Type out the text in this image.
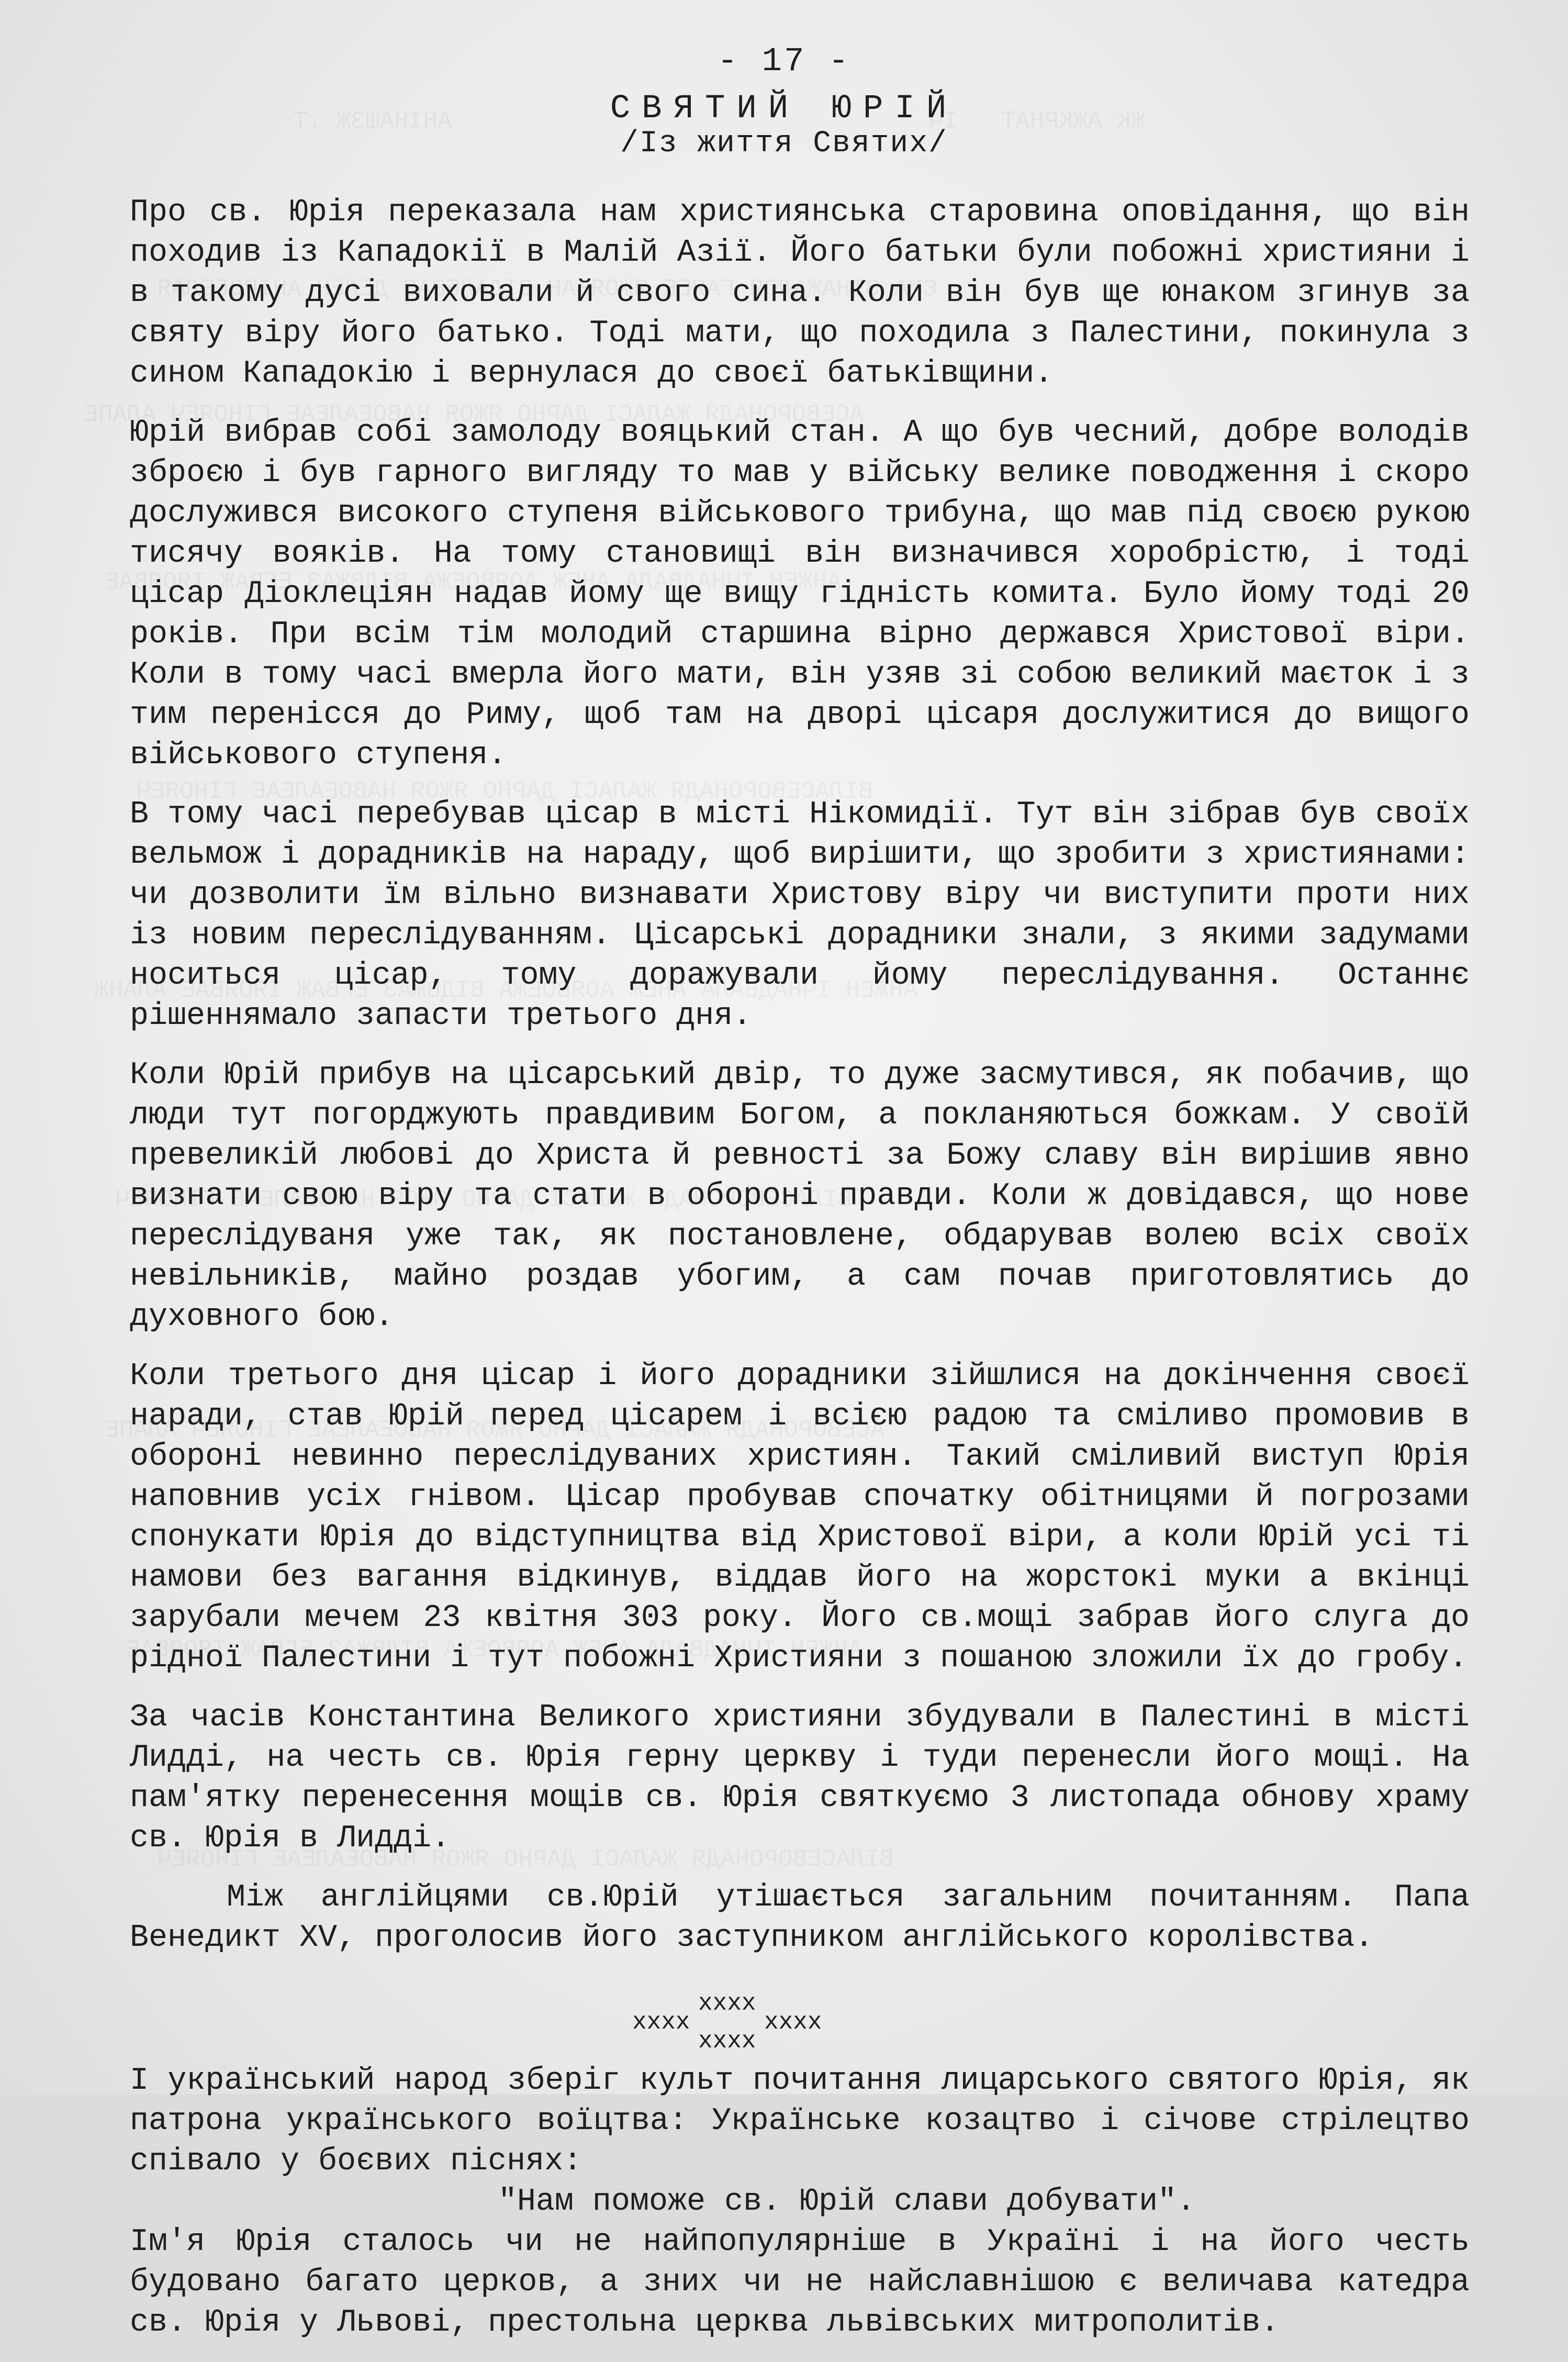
- 17 -
СВЯТИЙ ЮРІЙ
/Із життя Святих/

Про св. Юрія переказала нам християнська старовина оповідання, що він походив із Кападокії в Малій Азії. Його батьки були побожні християни і в такому дусі виховали й свого сина. Коли він був ще юнаком згинув за святу віру його батько. Тоді мати, що походила з Палестини, покинула з сином Кападокію і вернулася до своєї батьківщини.

Юрій вибрав собі замолоду вояцький стан. А що був чесний, добре володів зброєю і був гарного вигляду то мав у війську велике поводження і скоро дослужився високого ступеня військового трибуна, що мав під своєю рукою тисячу вояків. На тому становищі він визначився хоробрістю, і тоді цісар Діоклецiян надав йому ще вищу гідність комита. Було йому тоді 20 років. При всім тім молодий старшина вірно держався Христової віри. Коли в тому часі вмерла його мати, він узяв зі собою великий маєток і з тим перенісся до Риму, щоб там на дворі цісаря дослужитися до вищого військового ступеня.

В тому часі перебував цісар в місті Нікомидії. Тут він зібрав був своїх вельмож і дорадників на нараду, щоб вирішити, що зробити з християнами: чи дозволити їм вільно визнавати Христову віру чи виступити проти них із новим переслідуванням. Цісарські дорадники знали, з якими задумами носиться цісар, тому доражували йому переслідування. Останнє рішеннямало запасти третього дня.

Коли Юрій прибув на цісарський двір, то дуже засмутився, як побачив, що люди тут погорджують правдивим Богом, а покланяються божкам. У своїй превеликій любові до Христа й ревності за Божу славу він вирішив явно визнати свою віру та стати в обороні правди. Коли ж довідався, що нове переслідуваня уже так, як постановлене, обдарував волею всіх своїх невільників, майно роздав убогим, а сам почав приготовлятись до духовного бою.

Коли третього дня цісар і його дорадники зійшлися на докінчення своєї наради, став Юрій перед цісарем і всією радою та сміливо промовив в обороні невинно переслідуваних християн. Такий сміливий виступ Юрія наповнив усіх гнівом. Цісар пробував спочатку обітницями й погрозами спонукати Юрія до відступництва від Христової віри, а коли Юрій усі ті намови без вагання відкинув, віддав його на жорстокі муки а вкінці зарубали мечем 23 квітня 303 року. Його св.мощі забрав його слуга до рідної Палестини і тут побожні Християни з пошаною зложили їх до гробу.

За часів Константина Великого християни збудували в Палестині в місті Лидді, на честь св. Юрія герну церкву і туди перенесли його мощі. На пам'ятку перенесення мощів св. Юрія святкуємо 3 листопада обнову храму св. Юрія в Лидді.

Між англійцями св.Юрій утішається загальним почитанням. Папа Венедикт XV, проголосив його заступником англійського королівства.

xxxx
xxxx
xxxx
xxxx

І український народ зберіг культ почитання лицарського святого Юрія, як патрона українського воїцтва: Українське козацтво і січове стрілецтво співало у боєвих піснях:

"Нам поможе св. Юрій слави добувати".

Ім'я Юрія сталось чи не найпопулярніше в Україні і на його честь будовано багато церков, а зних чи не найславнішою є величава катедра св. Юрія у Львові, престольна церква львівських митрополитів.
